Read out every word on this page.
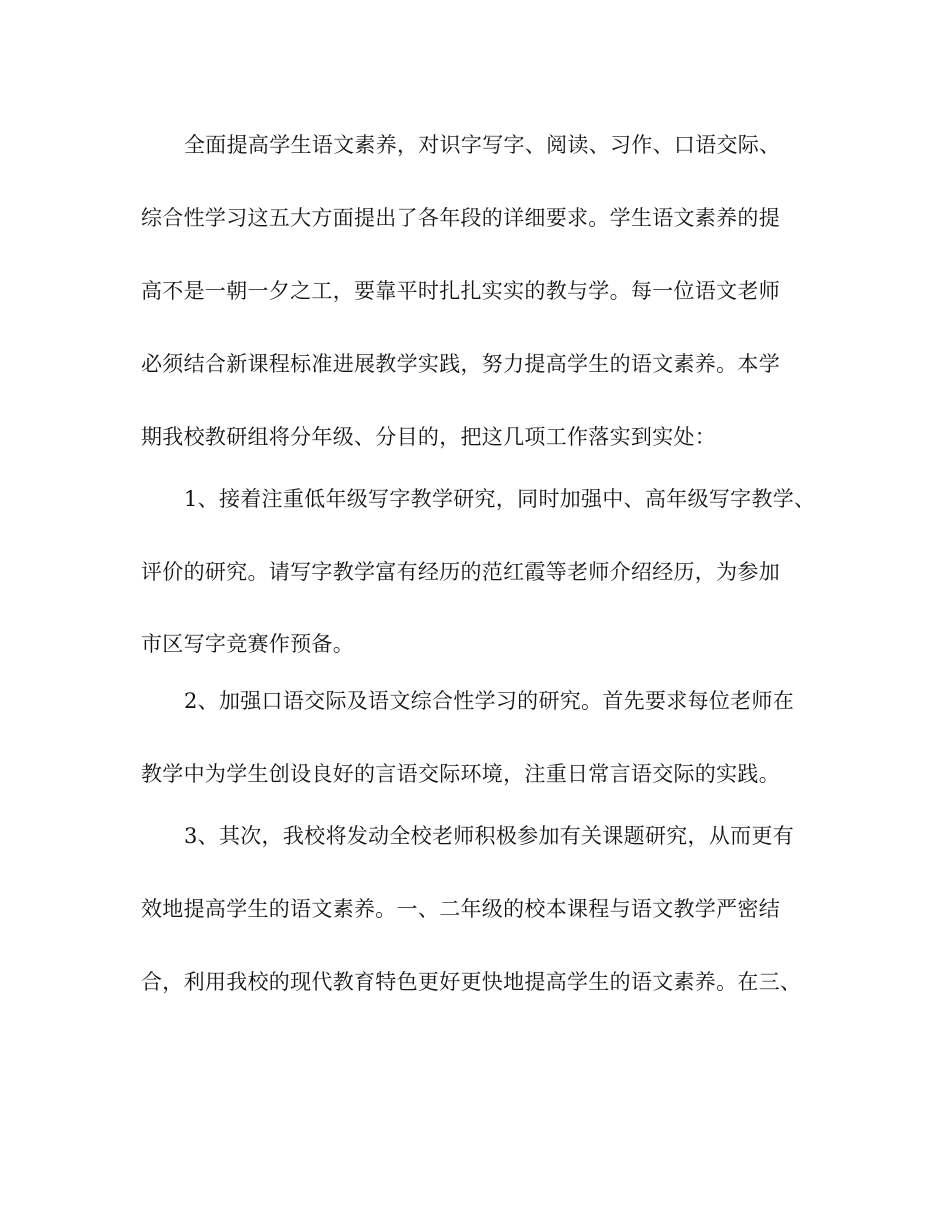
全面提高学生语文素养，对识字写字、阅读、习作、口语交际、
综合性学习这五大方面提出了各年段的详细要求。学生语文素养的提
高不是一朝一夕之工，要靠平时扎扎实实的教与学。每一位语文老师
必须结合新课程标准进展教学实践，努力提高学生的语文素养。本学
期我校教研组将分年级、分目的，把这几项工作落实到实处：
1、接着注重低年级写字教学研究，同时加强中、高年级写字教学、
评价的研究。请写字教学富有经历的范红霞等老师介绍经历，为参加
市区写字竞赛作预备。
2、加强口语交际及语文综合性学习的研究。首先要求每位老师在
教学中为学生创设良好的言语交际环境，注重日常言语交际的实践。
3、其次，我校将发动全校老师积极参加有关课题研究，从而更有
效地提高学生的语文素养。一、二年级的校本课程与语文教学严密结
合，利用我校的现代教育特色更好更快地提高学生的语文素养。在三、
